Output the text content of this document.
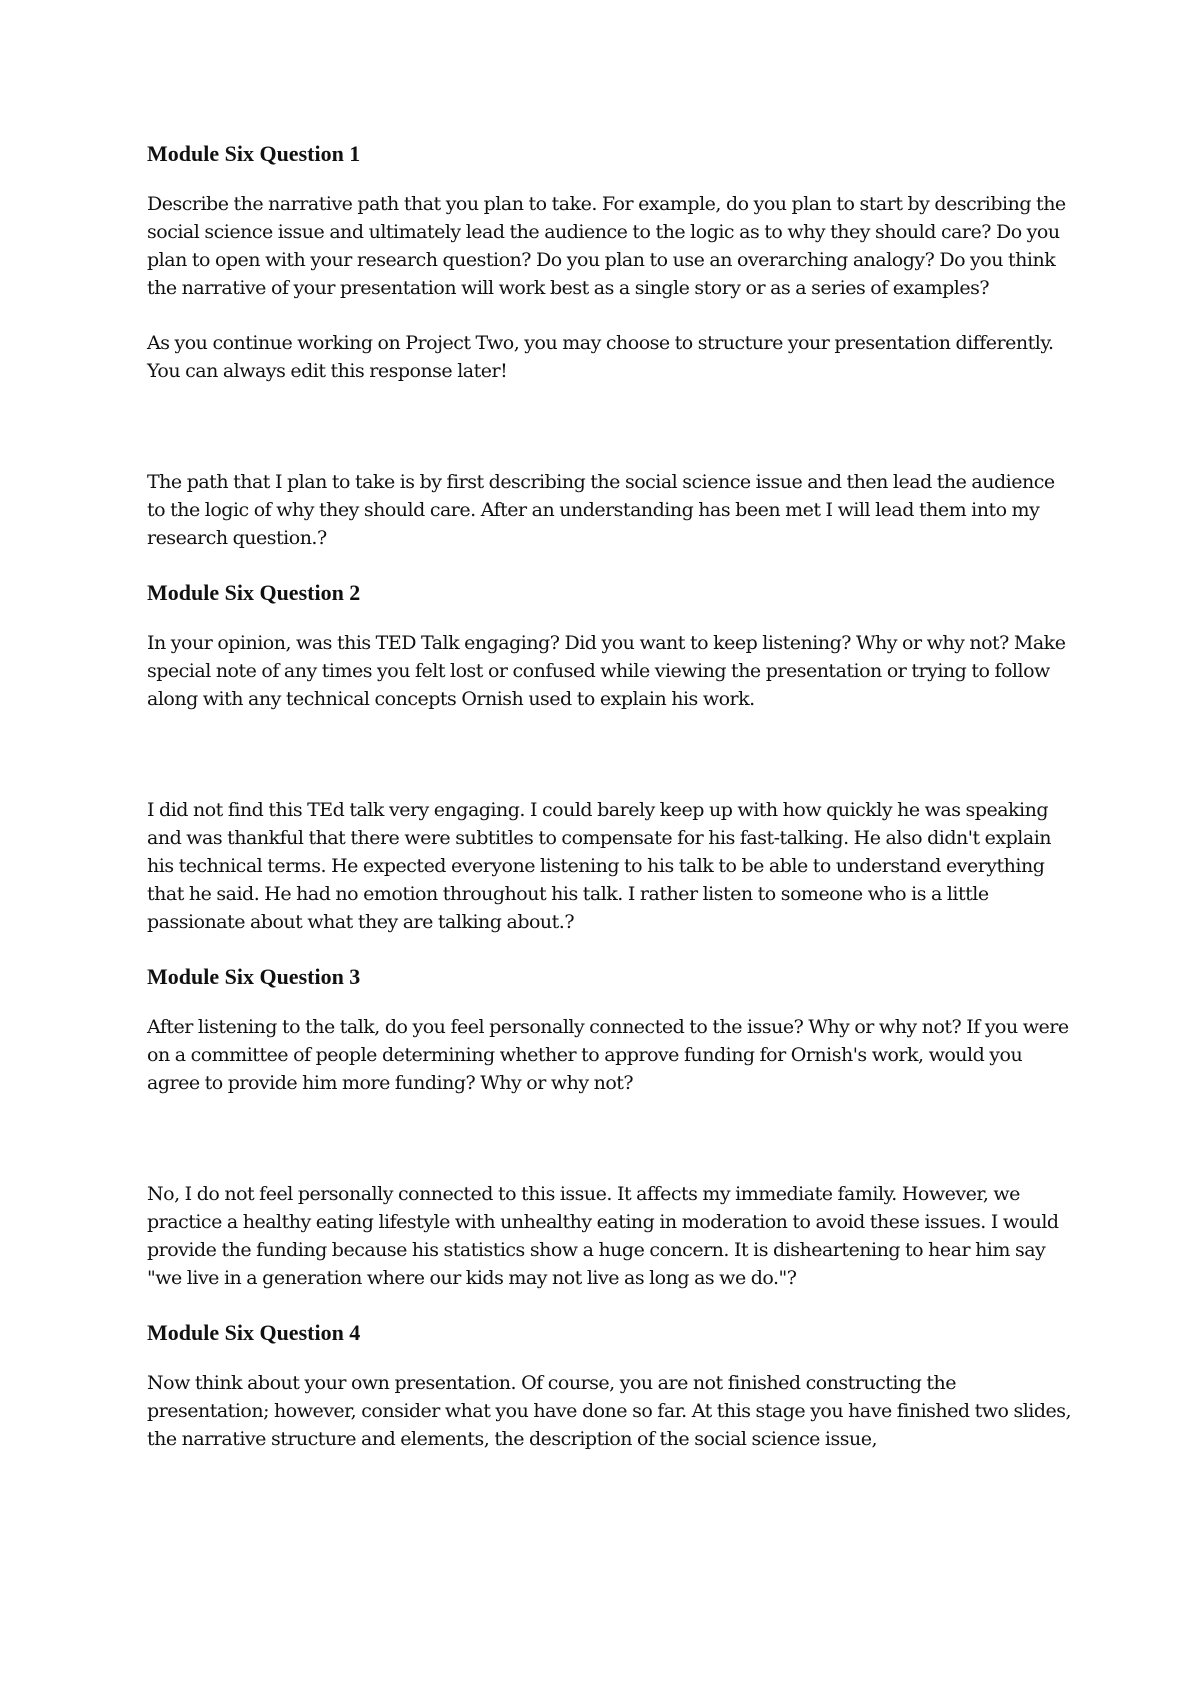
Module Six Question 1

Describe the narrative path that you plan to take. For example, do you plan to start by describing the social science issue and ultimately lead the audience to the logic as to why they should care? Do you plan to open with your research question? Do you plan to use an overarching analogy? Do you think the narrative of your presentation will work best as a single story or as a series of examples?

As you continue working on Project Two, you may choose to structure your presentation differently. You can always edit this response later!

The path that I plan to take is by first describing the social science issue and then lead the audience to the logic of why they should care. After an understanding has been met I will lead them into my research question.?

Module Six Question 2

In your opinion, was this TED Talk engaging? Did you want to keep listening? Why or why not? Make special note of any times you felt lost or confused while viewing the presentation or trying to follow along with any technical concepts Ornish used to explain his work.

I did not find this TEd talk very engaging. I could barely keep up with how quickly he was speaking and was thankful that there were subtitles to compensate for his fast-talking. He also didn't explain his technical terms. He expected everyone listening to his talk to be able to understand everything that he said. He had no emotion throughout his talk. I rather listen to someone who is a little passionate about what they are talking about.?

Module Six Question 3

After listening to the talk, do you feel personally connected to the issue? Why or why not? If you were on a committee of people determining whether to approve funding for Ornish's work, would you agree to provide him more funding? Why or why not?

No, I do not feel personally connected to this issue. It affects my immediate family. However, we practice a healthy eating lifestyle with unhealthy eating in moderation to avoid these issues. I would provide the funding because his statistics show a huge concern. It is disheartening to hear him say "we live in a generation where our kids may not live as long as we do."?

Module Six Question 4

Now think about your own presentation. Of course, you are not finished constructing the presentation; however, consider what you have done so far. At this stage you have finished two slides, the narrative structure and elements, the description of the social science issue,
